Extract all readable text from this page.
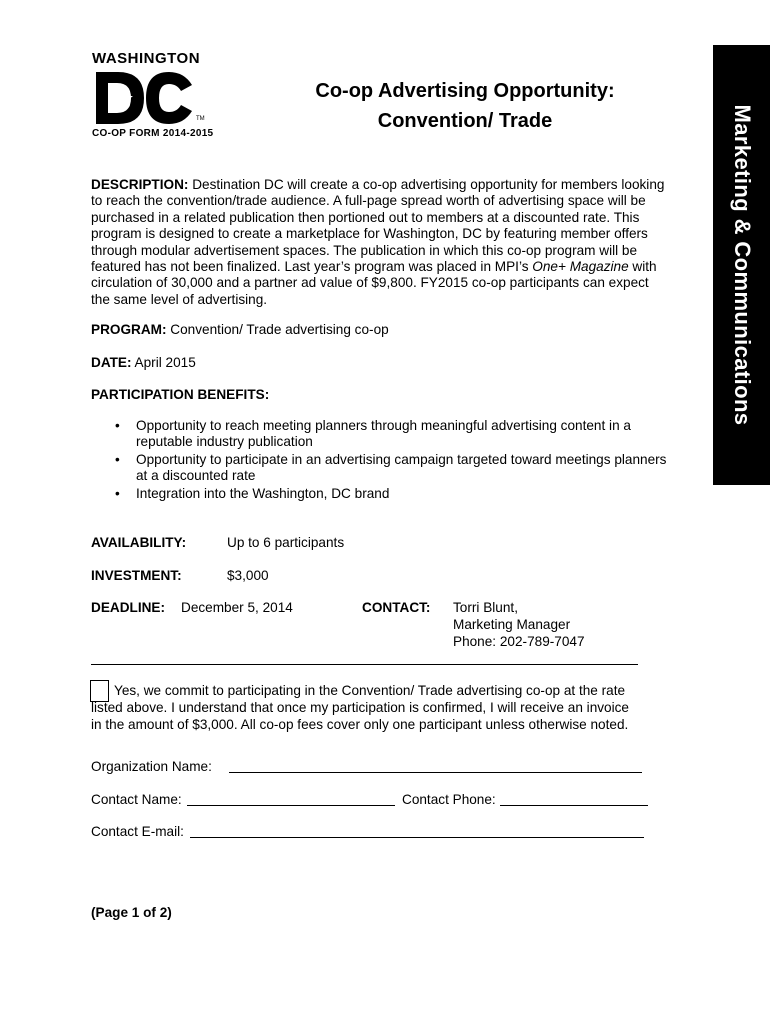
WASHINGTON
TM
CO-OP FORM 2014-2015
Co-op Advertising Opportunity:
Convention/ Trade	Marketing & Communications
DESCRIPTION: Destination DC will create a co-op advertising opportunity for members looking to reach the convention/trade audience. A full-page spread worth of advertising space will be purchased in a related publication then portioned out to members at a discounted rate. This program is designed to create a marketplace for Washington, DC by featuring member offers through modular advertisement spaces. The publication in which this co-op program will be featured has not been finalized. Last year’s program was placed in MPI’s One+ Magazine with circulation of 30,000 and a partner ad value of $9,800. FY2015 co-op participants can expect the same level of advertising.
PROGRAM: Convention/ Trade advertising co-op
DATE: April 2015
PARTICIPATION BENEFITS:
• Opportunity to reach meeting planners through meaningful advertising content in a reputable industry publication
• Opportunity to participate in an advertising campaign targeted toward meetings planners at a discounted rate
• Integration into the Washington, DC brand
AVAILABILITY:	Up to 6 participants
INVESTMENT:	$3,000
DEADLINE: December 5, 2014	CONTACT: Torri Blunt,
Marketing Manager
Phone: 202-789-7047
Yes, we commit to participating in the Convention/ Trade advertising co-op at the rate
listed above. I understand that once my participation is confirmed, I will receive an invoice
in the amount of $3,000. All co-op fees cover only one participant unless otherwise noted.
Organization Name:
Contact Name:	Contact Phone:
Contact E-mail:
(Page 1 of 2)
